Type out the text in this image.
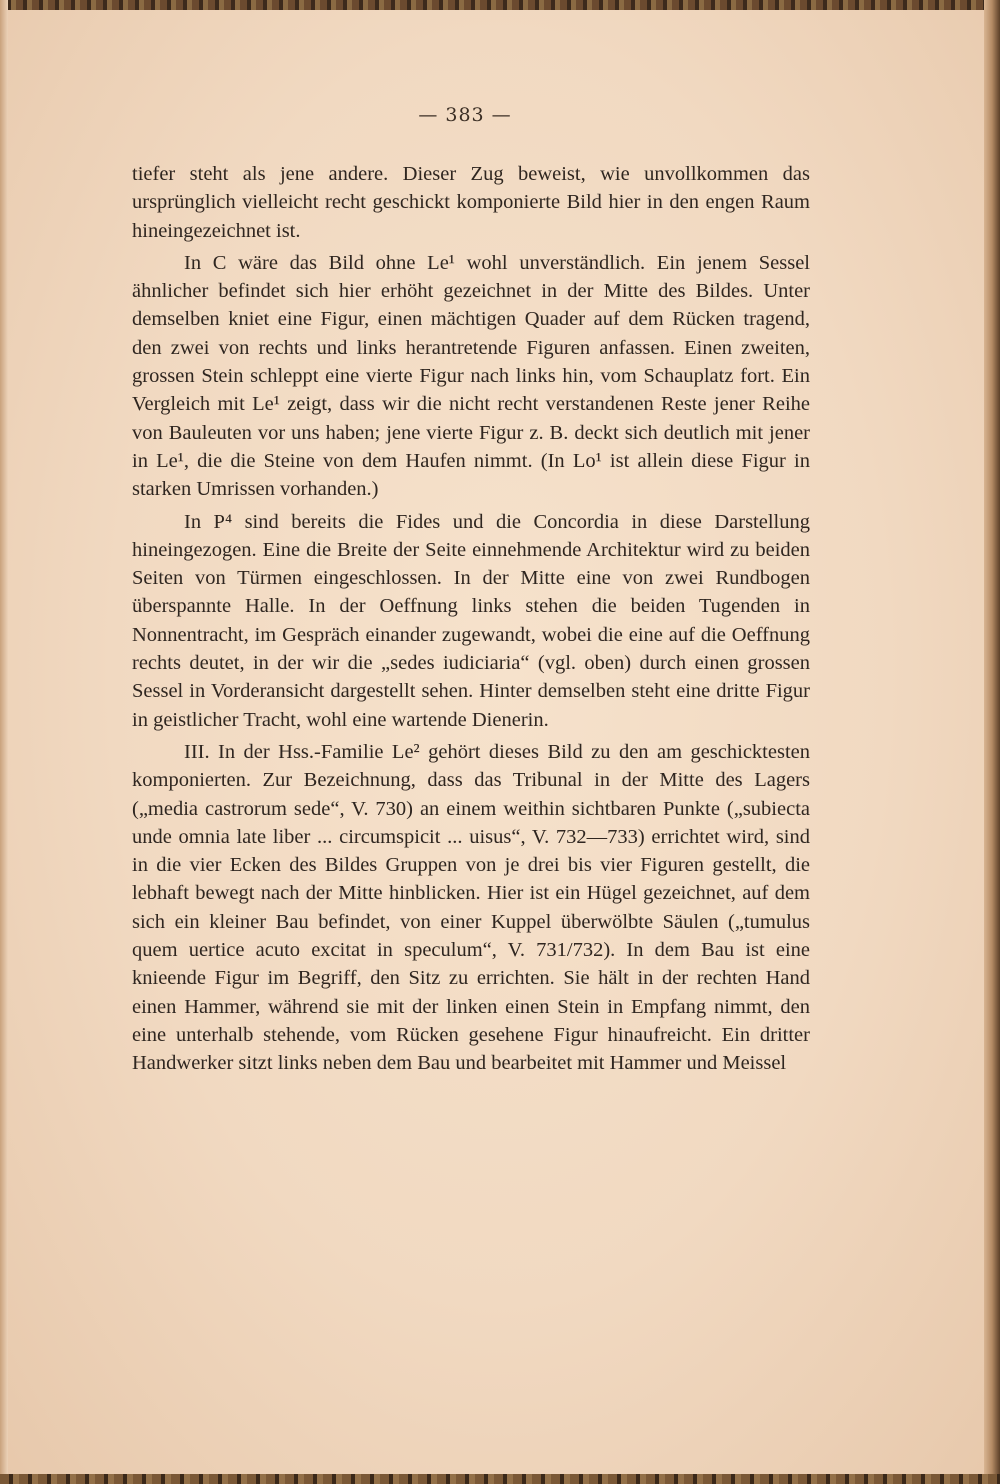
— 383 —

tiefer steht als jene andere. Dieser Zug beweist, wie unvollkommen das ursprünglich vielleicht recht geschickt komponierte Bild hier in den engen Raum hineingezeichnet ist.

In C wäre das Bild ohne Le¹ wohl unverständlich. Ein jenem Sessel ähnlicher befindet sich hier erhöht gezeichnet in der Mitte des Bildes. Unter demselben kniet eine Figur, einen mächtigen Quader auf dem Rücken tragend, den zwei von rechts und links herantretende Figuren anfassen. Einen zweiten, grossen Stein schleppt eine vierte Figur nach links hin, vom Schauplatz fort. Ein Vergleich mit Le¹ zeigt, dass wir die nicht recht verstandenen Reste jener Reihe von Bauleuten vor uns haben; jene vierte Figur z. B. deckt sich deutlich mit jener in Le¹, die die Steine von dem Haufen nimmt. (In Lo¹ ist allein diese Figur in starken Umrissen vorhanden.)

In P⁴ sind bereits die Fides und die Concordia in diese Darstellung hineingezogen. Eine die Breite der Seite einnehmende Architektur wird zu beiden Seiten von Türmen eingeschlossen. In der Mitte eine von zwei Rundbogen überspannte Halle. In der Oeffnung links stehen die beiden Tugenden in Nonnentracht, im Gespräch einander zugewandt, wobei die eine auf die Oeffnung rechts deutet, in der wir die „sedes iudiciaria“ (vgl. oben) durch einen grossen Sessel in Vorderansicht dargestellt sehen. Hinter demselben steht eine dritte Figur in geistlicher Tracht, wohl eine wartende Dienerin.

III. In der Hss.-Familie Le² gehört dieses Bild zu den am geschicktesten komponierten. Zur Bezeichnung, dass das Tribunal in der Mitte des Lagers („media castrorum sede“, V. 730) an einem weithin sichtbaren Punkte („subiecta unde omnia late liber ... circumspicit ... uisus“, V. 732—733) errichtet wird, sind in die vier Ecken des Bildes Gruppen von je drei bis vier Figuren gestellt, die lebhaft bewegt nach der Mitte hinblicken. Hier ist ein Hügel gezeichnet, auf dem sich ein kleiner Bau befindet, von einer Kuppel überwölbte Säulen („tumulus quem uertice acuto excitat in speculum“, V. 731/732). In dem Bau ist eine knieende Figur im Begriff, den Sitz zu errichten. Sie hält in der rechten Hand einen Hammer, während sie mit der linken einen Stein in Empfang nimmt, den eine unterhalb stehende, vom Rücken gesehene Figur hinaufreicht. Ein dritter Handwerker sitzt links neben dem Bau und bearbeitet mit Hammer und Meissel
